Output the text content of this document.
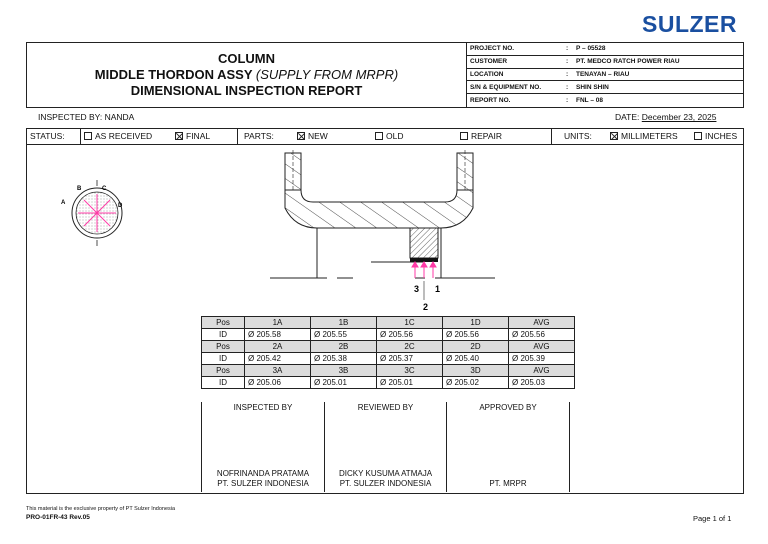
SULZER
COLUMN
MIDDLE THORDON ASSY (SUPPLY FROM MRPR)
DIMENSIONAL INSPECTION REPORT
PROJECT NO.	:	P – 05528
CUSTOMER	:	PT. MEDCO RATCH POWER RIAU
LOCATION	:	TENAYAN – RIAU
S/N & EQUIPMENT NO.	:	SHIN SHIN
REPORT NO.	:	FNL – 08
INSPECTED BY: NANDA	DATE: December 23, 2025
STATUS:	AS RECEIVED	FINAL	PARTS:	NEW	OLD	REPAIR	UNITS:	MILLIMETERS	INCHES
B	C
A	D
3 1
2
Pos	1A	1B	1C	1D	AVG
ID	Ø 205.58	Ø 205.55	Ø 205.56	Ø 205.56	Ø 205.56
Pos	2A	2B	2C	2D	AVG
ID	Ø 205.42	Ø 205.38	Ø 205.37	Ø 205.40	Ø 205.39
Pos	3A	3B	3C	3D	AVG
ID	Ø 205.06	Ø 205.01	Ø 205.01	Ø 205.02	Ø 205.03
INSPECTED BY
NOFRINANDA PRATAMA
PT. SULZER INDONESIA
REVIEWED BY
DICKY KUSUMA ATMAJA
PT. SULZER INDONESIA
APPROVED BY
PT. MRPR
This material is the exclusive property of PT Sulzer Indonesia
PRO-01FR-43 Rev.05	Page 1 of 1
